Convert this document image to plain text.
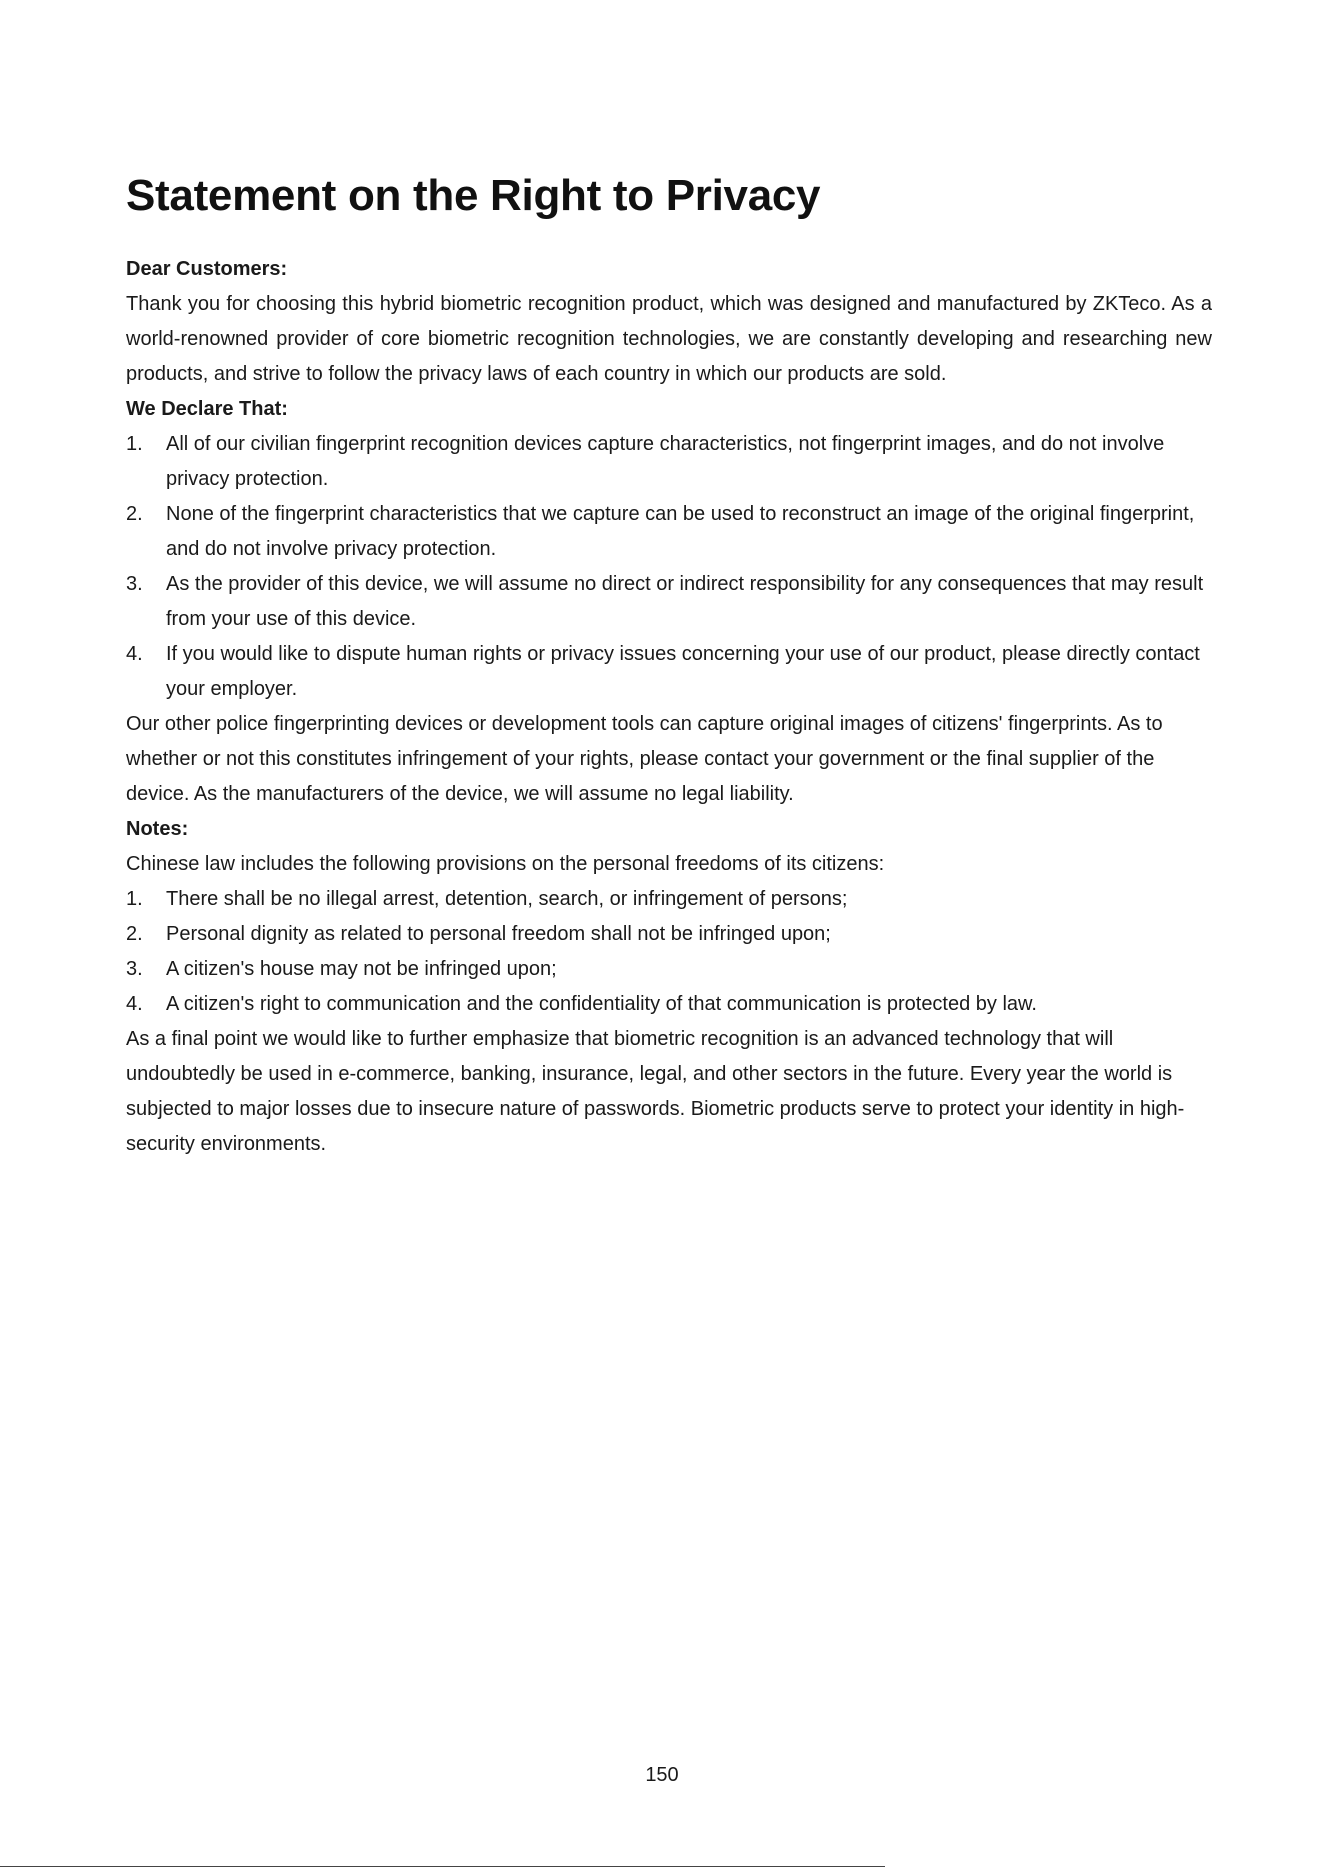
Statement on the Right to Privacy

Dear Customers:

Thank you for choosing this hybrid biometric recognition product, which was designed and manufactured by ZKTeco. As a world-renowned provider of core biometric recognition technologies, we are constantly developing and researching new products, and strive to follow the privacy laws of each country in which our products are sold.

We Declare That:

1. All of our civilian fingerprint recognition devices capture characteristics, not fingerprint images, and do not involve privacy protection.
2. None of the fingerprint characteristics that we capture can be used to reconstruct an image of the original fingerprint, and do not involve privacy protection.
3. As the provider of this device, we will assume no direct or indirect responsibility for any consequences that may result from your use of this device.
4. If you would like to dispute human rights or privacy issues concerning your use of our product, please directly contact your employer.

Our other police fingerprinting devices or development tools can capture original images of citizens' fingerprints. As to whether or not this constitutes infringement of your rights, please contact your government or the final supplier of the device. As the manufacturers of the device, we will assume no legal liability.

Notes:

Chinese law includes the following provisions on the personal freedoms of its citizens:

1. There shall be no illegal arrest, detention, search, or infringement of persons;
2. Personal dignity as related to personal freedom shall not be infringed upon;
3. A citizen's house may not be infringed upon;
4. A citizen's right to communication and the confidentiality of that communication is protected by law.

As a final point we would like to further emphasize that biometric recognition is an advanced technology that will undoubtedly be used in e-commerce, banking, insurance, legal, and other sectors in the future. Every year the world is subjected to major losses due to insecure nature of passwords. Biometric products serve to protect your identity in high-security environments.

150
